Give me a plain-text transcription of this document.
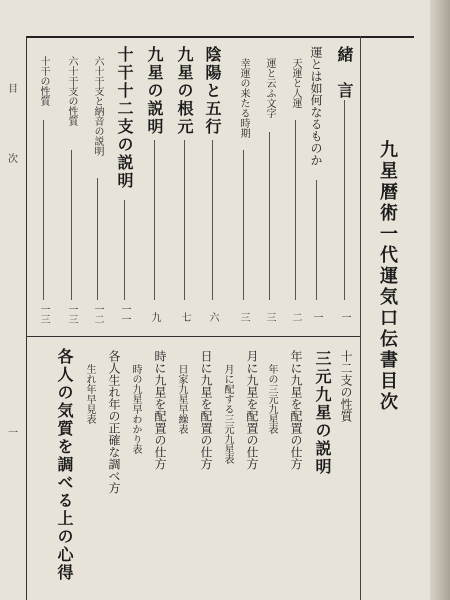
目
次
一
九星暦術一代運気口伝書目次
緒　言
一
運とは如何なるものか
一
天運と人運
二
運と云ふ文字
三
幸運の来たる時期
三
陰陽と五行
六
九星の根元
七
九星の説明
九
十干十二支の説明
一一
六十干支と納音の説明
一二
六十干支の性質
一三
十干の性質
一三
十二支の性質
三元九星の説明
年に九星を配置の仕方
年の三元九星表
月に九星を配置の仕方
月に配する三元九星表
日に九星を配置の仕方
日家九星早繰表
時に九星を配置の仕方
時の九星早わかり表
各人生れ年の正確な調べ方
生れ年早見表
各人の気質を調べる上の心得
